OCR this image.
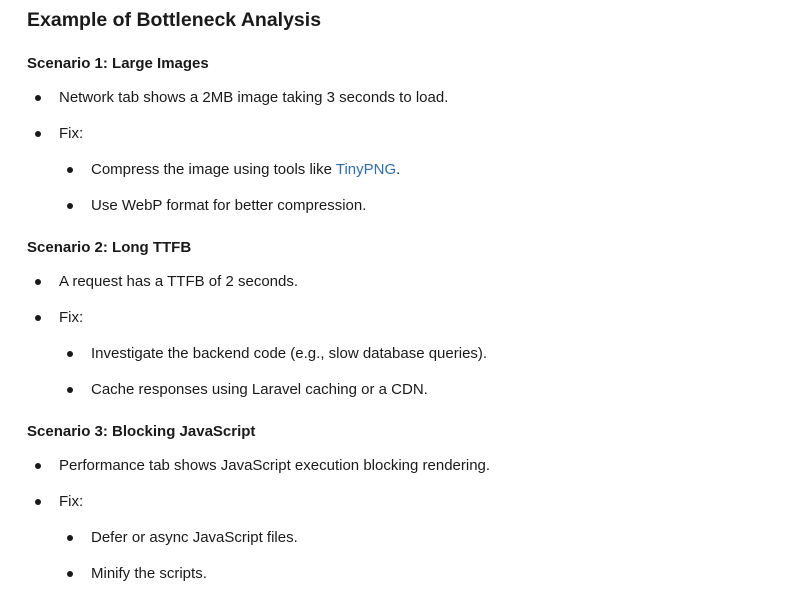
Example of Bottleneck Analysis
Scenario 1: Large Images
Network tab shows a 2MB image taking 3 seconds to load.
Fix:
Compress the image using tools like TinyPNG.
Use WebP format for better compression.
Scenario 2: Long TTFB
A request has a TTFB of 2 seconds.
Fix:
Investigate the backend code (e.g., slow database queries).
Cache responses using Laravel caching or a CDN.
Scenario 3: Blocking JavaScript
Performance tab shows JavaScript execution blocking rendering.
Fix:
Defer or async JavaScript files.
Minify the scripts.
